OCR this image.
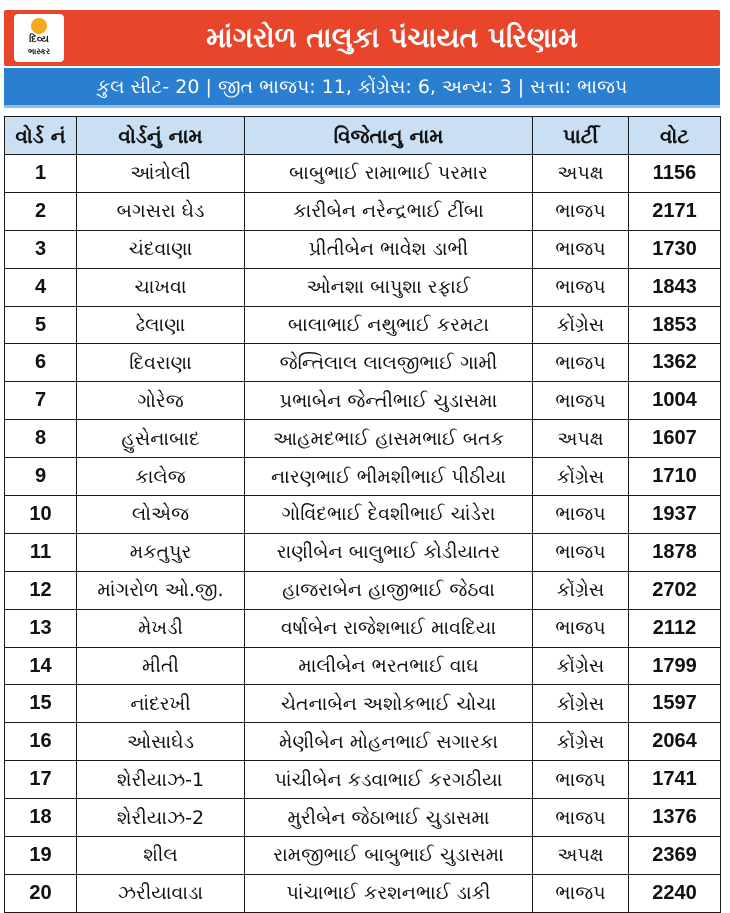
દિવ્ય
ભાસ્કર	માંગરોળ તાલુકા પંચાયત પરિણામ
કુલ સીટ- 20 | જીત ભાજપ: 11, કોંગ્રેસ: 6, અન્ય: 3 | સત્તા: ભાજપ
વોર્ડ નં	વોર્ડનું નામ	વિજેતાનુ નામ	પાર્ટી	વોટ
1	આંત્રોલી	બાબુભાઈ રામાભાઈ પરમાર	અપક્ષ	1156
2	બગસરા ઘેડ	કારીબેન નરેન્દ્રભાઈ ટીંબા	ભાજપ	2171
3	ચંદવાણા	પ્રીતીબેન ભાવેશ ડાભી	ભાજપ	1730
4	ચાખવા	ઓનશા બાપુશા રફાઈ	ભાજપ	1843
5	ઢેલાણા	બાલાભાઈ નથુભાઈ કરમટા	કોંગ્રેસ	1853
6	દિવરાણા	જેન્તિલાલ લાલજીભાઈ ગામી	ભાજપ	1362
7	ગોરેજ	પ્રભાબેન જેન્તીભાઈ ચુડાસમા	ભાજપ	1004
8	હુસેનાબાદ	આહમદભાઈ હાસમભાઈ બતક	અપક્ષ	1607
9	કાલેજ	નારણભાઈ ભીમશીભાઈ પીઠીયા	કોંગ્રેસ	1710
10	લોએજ	ગોવિંદભાઈ દેવશીભાઈ ચાંડેરા	ભાજપ	1937
11	મકતુપુર	રાણીબેન બાલુભાઈ કોડીયાતર	ભાજપ	1878
12	માંગરોળ ઓ.જી.	હાજરાબેન હાજીભાઈ જેઠવા	કોંગ્રેસ	2702
13	મેખડી	વર્ષાબેન રાજેશભાઈ માવદિયા	ભાજપ	2112
14	મીતી	માલીબેન ભરતભાઈ વાઘ	કોંગ્રેસ	1799
15	નાંદરખી	ચેતનાબેન અશોકભાઈ ચોચા	કોંગ્રેસ	1597
16	ઓસાઘેડ	મેણીબેન મોહનભાઈ સગારકા	કોંગ્રેસ	2064
17	શેરીયાઝ-1	પાંચીબેન કડવાભાઈ કરગઠીયા	ભાજપ	1741
18	શેરીયાઝ-2	મુરીબેન જેઠાભાઈ ચુડાસમા	ભાજપ	1376
19	શીલ	રામજીભાઈ બાબુભાઈ ચુડાસમા	અપક્ષ	2369
20	ઝરીયાવાડા	પાંચાભાઈ કરશનભાઈ ડાકી	ભાજપ	2240
